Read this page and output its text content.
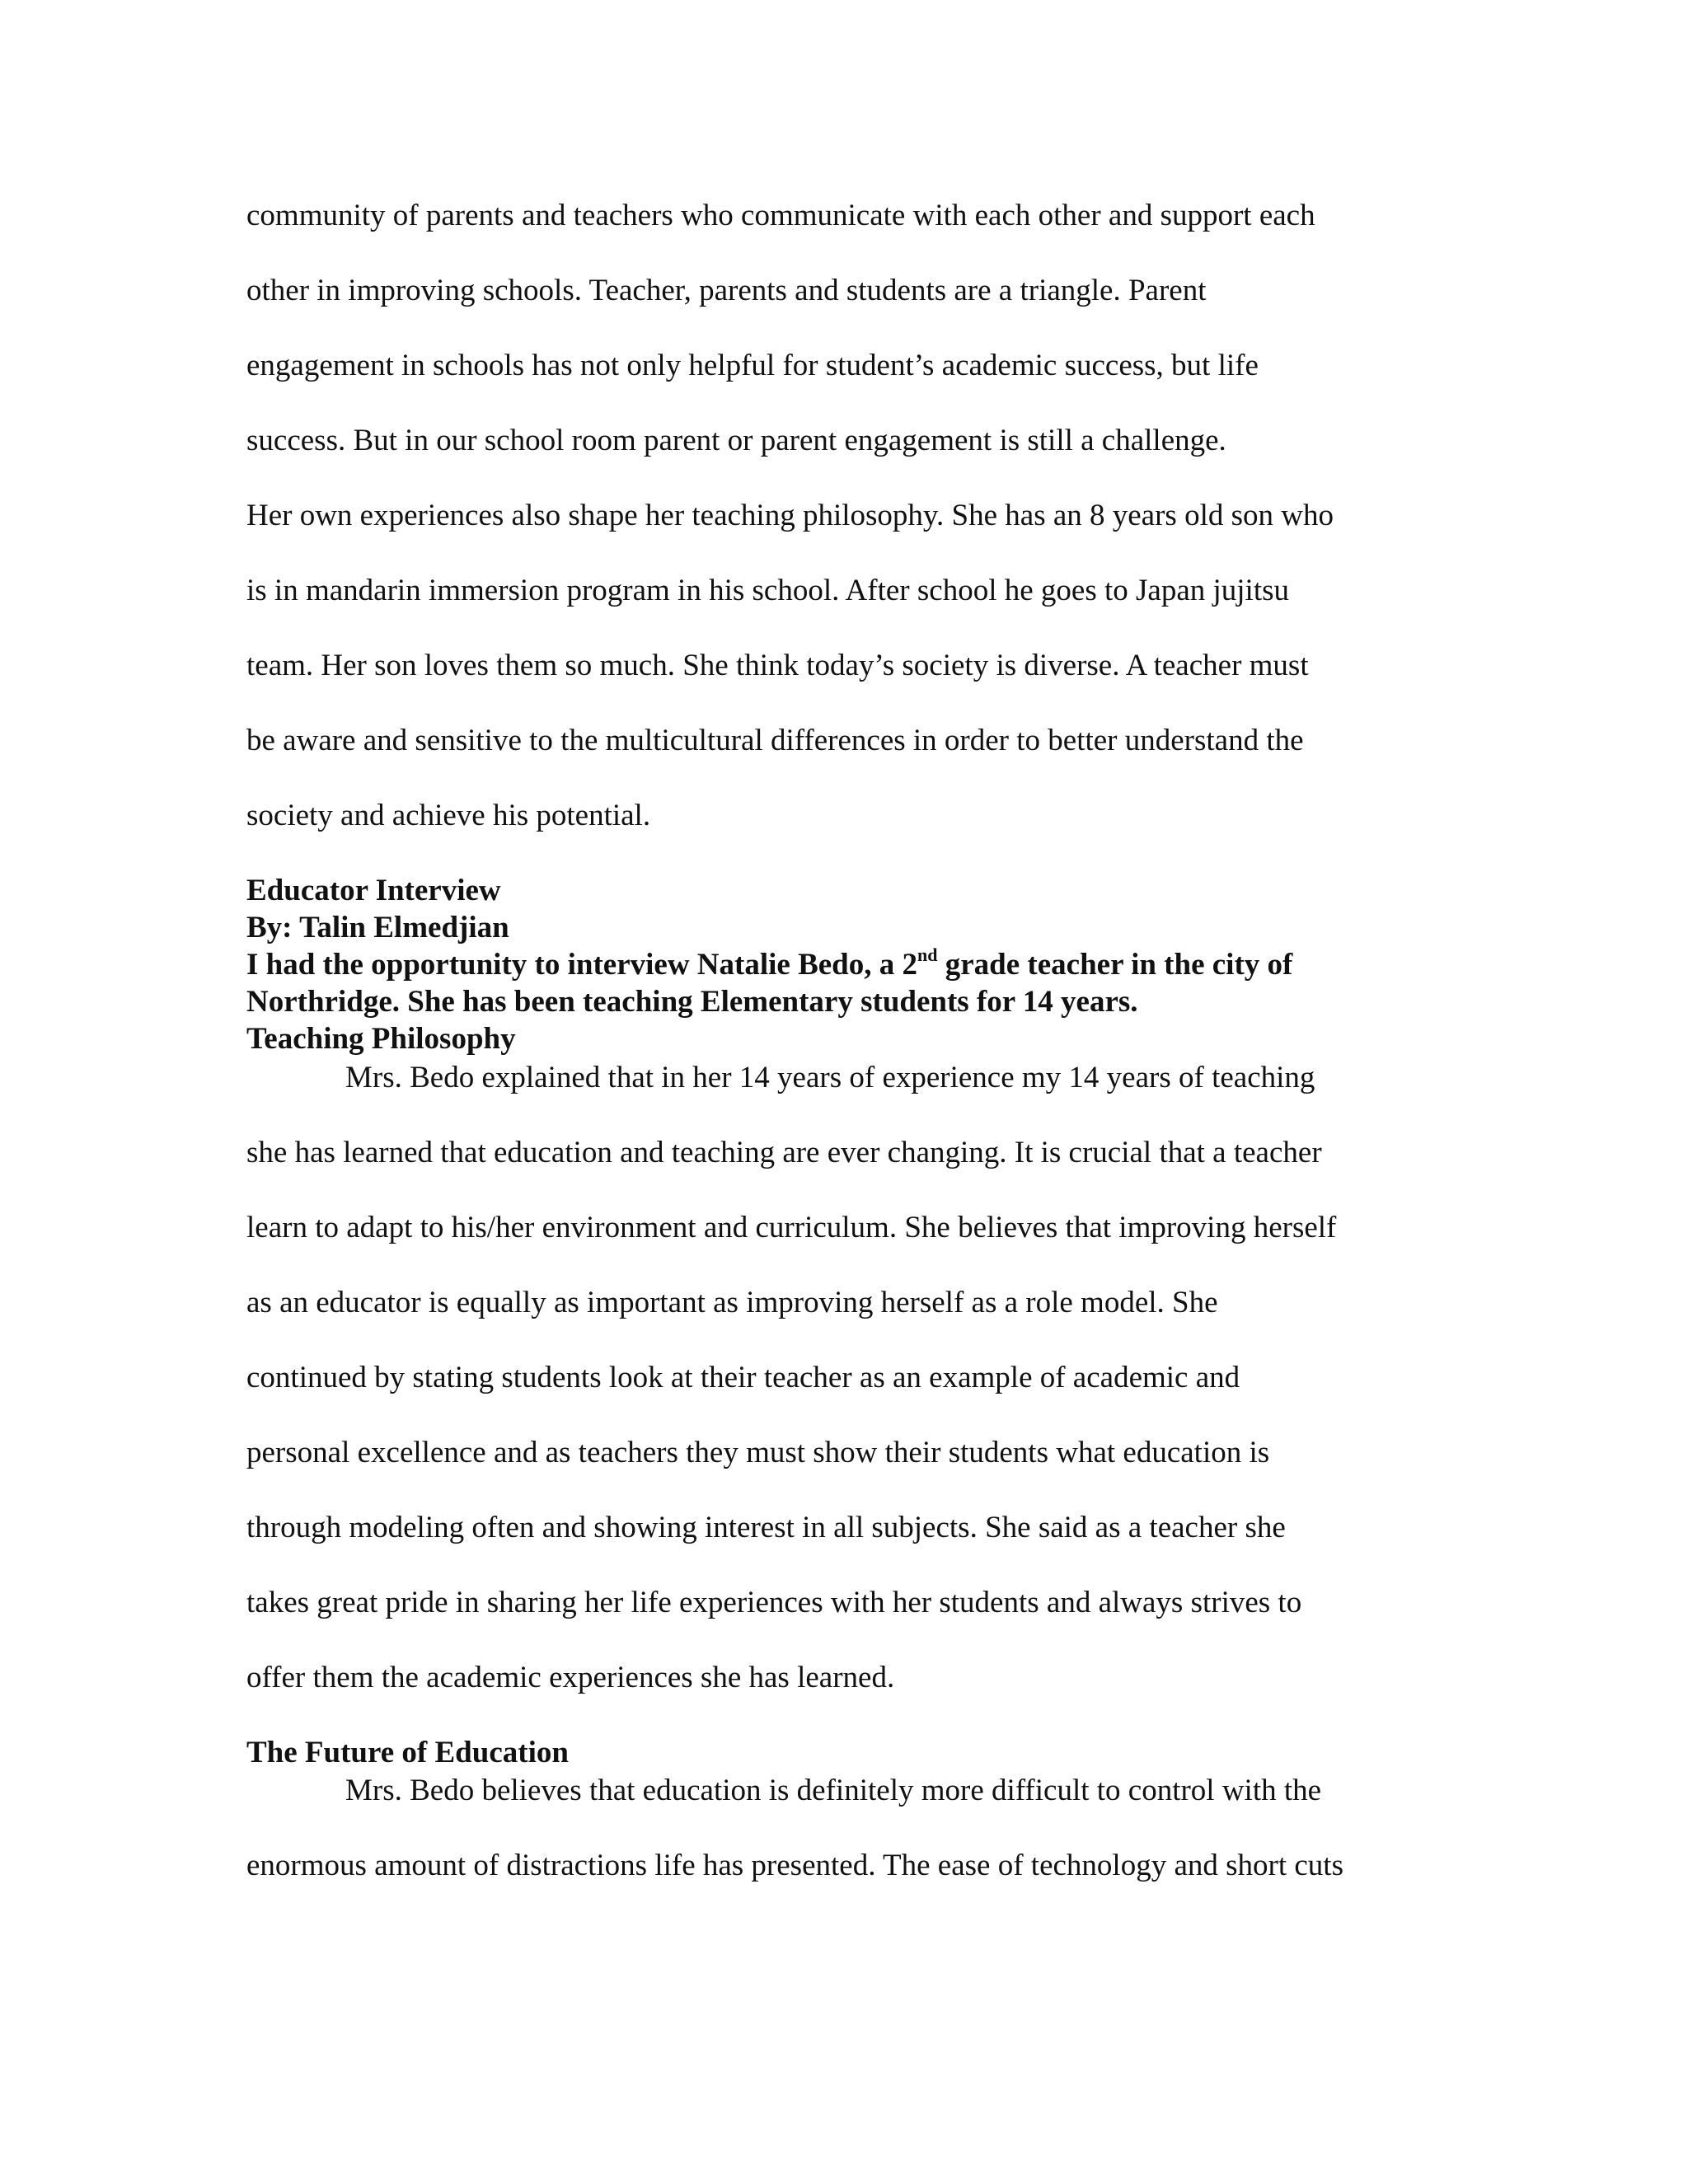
community of parents and teachers who communicate with each other and support each
other in improving schools. Teacher, parents and students are a triangle. Parent
engagement in schools has not only helpful for student’s academic success, but life
success. But in our school room parent or parent engagement is still a challenge.
Her own experiences also shape her teaching philosophy. She has an 8 years old son who
is in mandarin immersion program in his school. After school he goes to Japan jujitsu
team. Her son loves them so much. She think today’s society is diverse. A teacher must
be aware and sensitive to the multicultural differences in order to better understand the
society and achieve his potential.
Educator Interview
By: Talin Elmedjian
I had the opportunity to interview Natalie Bedo, a 2nd grade teacher in the city of
Northridge. She has been teaching Elementary students for 14 years.
Teaching Philosophy
Mrs. Bedo explained that in her 14 years of experience my 14 years of teaching
she has learned that education and teaching are ever changing. It is crucial that a teacher
learn to adapt to his/her environment and curriculum. She believes that improving herself
as an educator is equally as important as improving herself as a role model. She
continued by stating students look at their teacher as an example of academic and
personal excellence and as teachers they must show their students what education is
through modeling often and showing interest in all subjects. She said as a teacher she
takes great pride in sharing her life experiences with her students and always strives to
offer them the academic experiences she has learned.
The Future of Education
Mrs. Bedo believes that education is definitely more difficult to control with the
enormous amount of distractions life has presented. The ease of technology and short cuts
